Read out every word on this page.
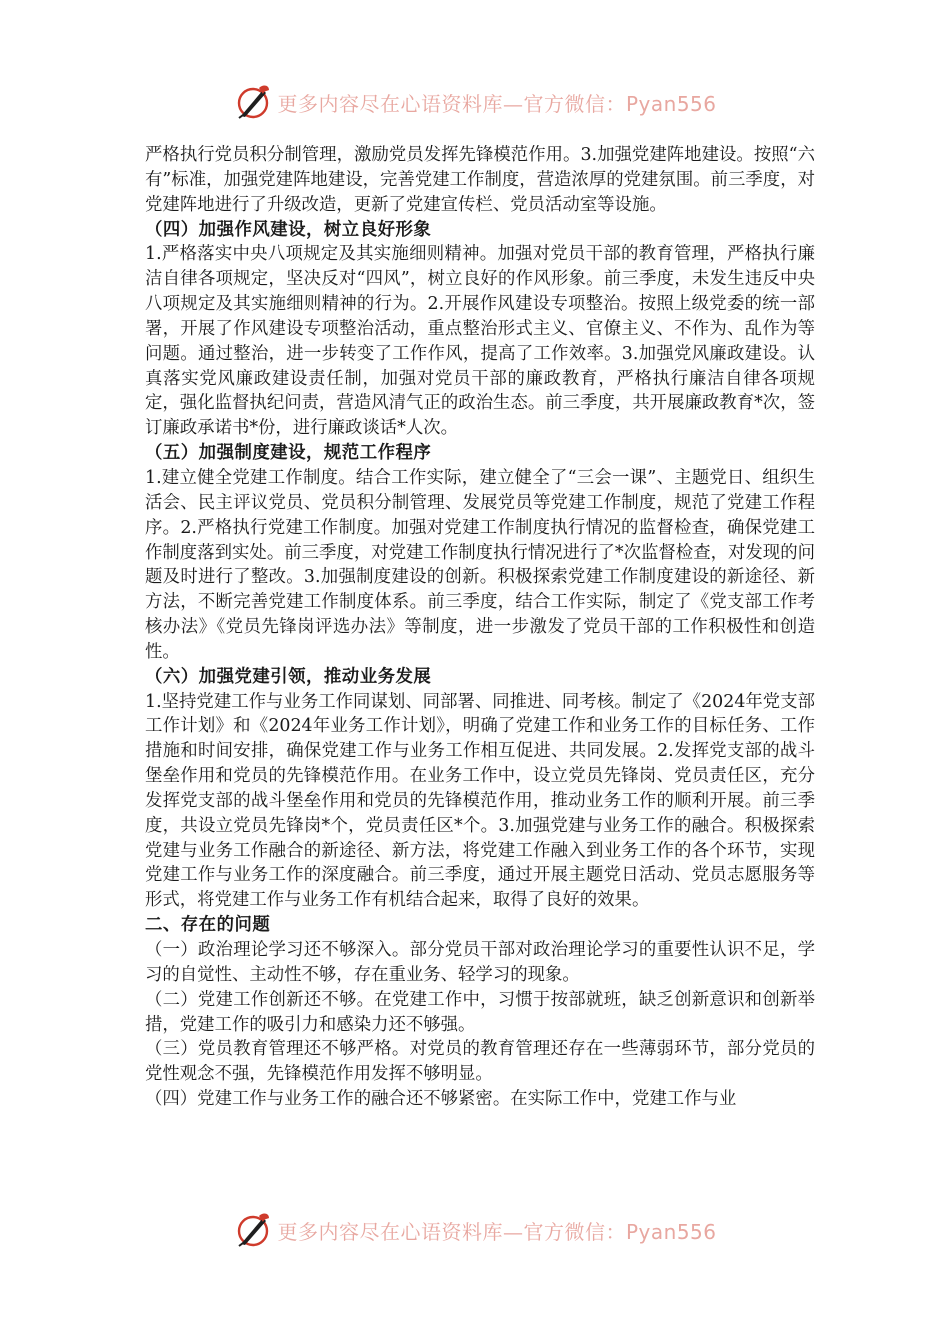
更多内容尽在心语资料库—官方微信：Pyan556

严格执行党员积分制管理，激励党员发挥先锋模范作用。3.加强党建阵地建设。按照“六有”标准，加强党建阵地建设，完善党建工作制度，营造浓厚的党建氛围。前三季度，对党建阵地进行了升级改造，更新了党建宣传栏、党员活动室等设施。

（四）加强作风建设，树立良好形象

1.严格落实中央八项规定及其实施细则精神。加强对党员干部的教育管理，严格执行廉洁自律各项规定，坚决反对“四风”，树立良好的作风形象。前三季度，未发生违反中央八项规定及其实施细则精神的行为。2.开展作风建设专项整治。按照上级党委的统一部署，开展了作风建设专项整治活动，重点整治形式主义、官僚主义、不作为、乱作为等问题。通过整治，进一步转变了工作作风，提高了工作效率。3.加强党风廉政建设。认真落实党风廉政建设责任制，加强对党员干部的廉政教育，严格执行廉洁自律各项规定，强化监督执纪问责，营造风清气正的政治生态。前三季度，共开展廉政教育*次，签订廉政承诺书*份，进行廉政谈话*人次。

（五）加强制度建设，规范工作程序

1.建立健全党建工作制度。结合工作实际，建立健全了“三会一课”、主题党日、组织生活会、民主评议党员、党员积分制管理、发展党员等党建工作制度，规范了党建工作程序。2.严格执行党建工作制度。加强对党建工作制度执行情况的监督检查，确保党建工作制度落到实处。前三季度，对党建工作制度执行情况进行了*次监督检查，对发现的问题及时进行了整改。3.加强制度建设的创新。积极探索党建工作制度建设的新途径、新方法，不断完善党建工作制度体系。前三季度，结合工作实际，制定了《党支部工作考核办法》《党员先锋岗评选办法》等制度，进一步激发了党员干部的工作积极性和创造性。

（六）加强党建引领，推动业务发展

1.坚持党建工作与业务工作同谋划、同部署、同推进、同考核。制定了《2024年党支部工作计划》和《2024年业务工作计划》，明确了党建工作和业务工作的目标任务、工作措施和时间安排，确保党建工作与业务工作相互促进、共同发展。2.发挥党支部的战斗堡垒作用和党员的先锋模范作用。在业务工作中，设立党员先锋岗、党员责任区，充分发挥党支部的战斗堡垒作用和党员的先锋模范作用，推动业务工作的顺利开展。前三季度，共设立党员先锋岗*个，党员责任区*个。3.加强党建与业务工作的融合。积极探索党建与业务工作融合的新途径、新方法，将党建工作融入到业务工作的各个环节，实现党建工作与业务工作的深度融合。前三季度，通过开展主题党日活动、党员志愿服务等形式，将党建工作与业务工作有机结合起来，取得了良好的效果。

二、存在的问题

（一）政治理论学习还不够深入。部分党员干部对政治理论学习的重要性认识不足，学习的自觉性、主动性不够，存在重业务、轻学习的现象。

（二）党建工作创新还不够。在党建工作中，习惯于按部就班，缺乏创新意识和创新举措，党建工作的吸引力和感染力还不够强。

（三）党员教育管理还不够严格。对党员的教育管理还存在一些薄弱环节，部分党员的党性观念不强，先锋模范作用发挥不够明显。

（四）党建工作与业务工作的融合还不够紧密。在实际工作中，党建工作与业

更多内容尽在心语资料库—官方微信：Pyan556
